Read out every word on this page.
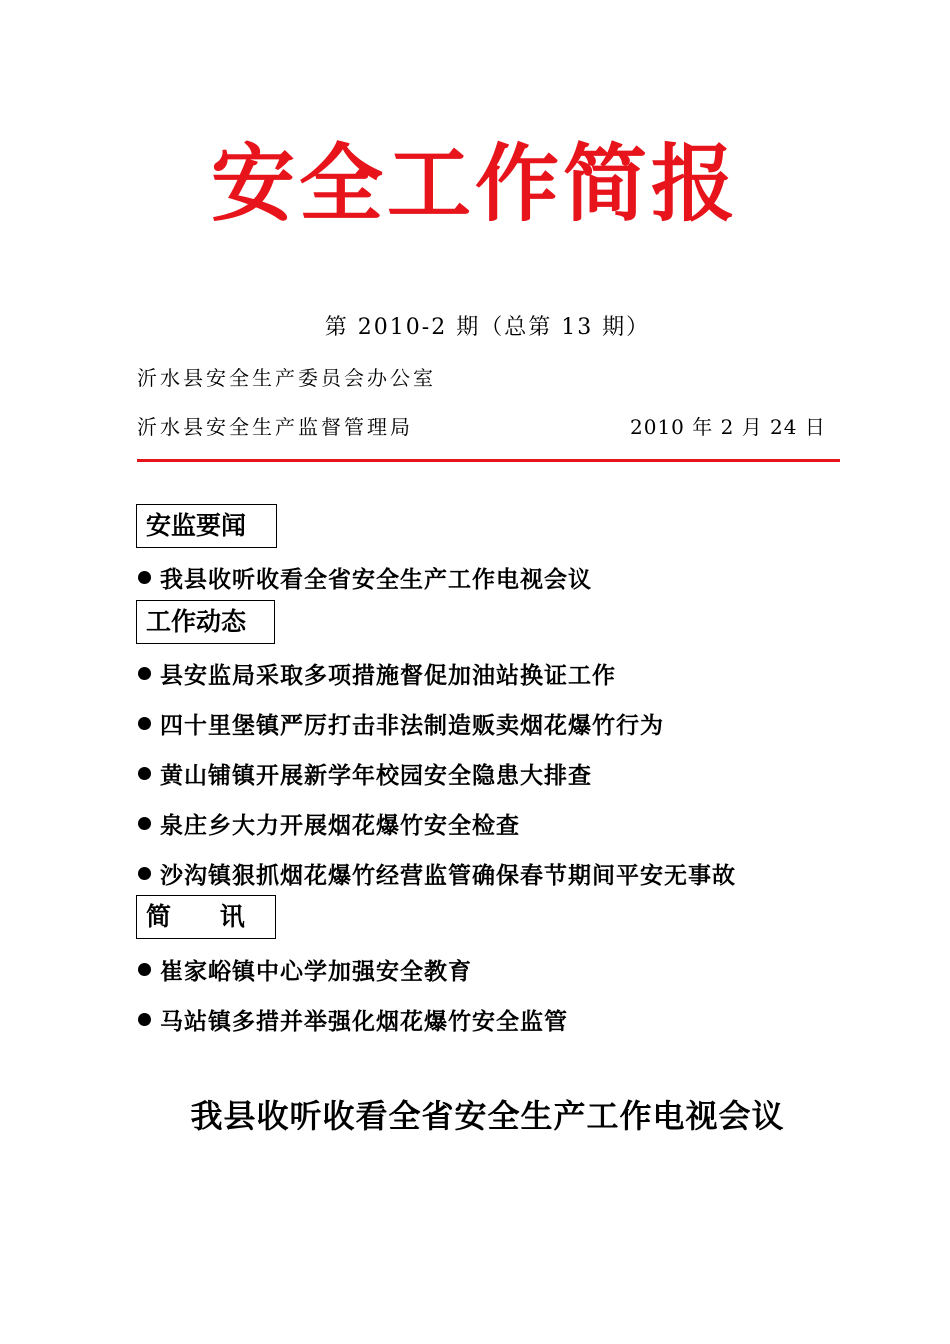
安全工作简报
第 2010-2 期（总第 13 期）
沂水县安全生产委员会办公室
沂水县安全生产监督管理局	2010 年 2 月 24 日
安监要闻
我县收听收看全省安全生产工作电视会议
工作动态
县安监局采取多项措施督促加油站换证工作
四十里堡镇严厉打击非法制造贩卖烟花爆竹行为
黄山铺镇开展新学年校园安全隐患大排查
泉庄乡大力开展烟花爆竹安全检查
沙沟镇狠抓烟花爆竹经营监管确保春节期间平安无事故
简 讯
崔家峪镇中心学加强安全教育
马站镇多措并举强化烟花爆竹安全监管
我县收听收看全省安全生产工作电视会议
